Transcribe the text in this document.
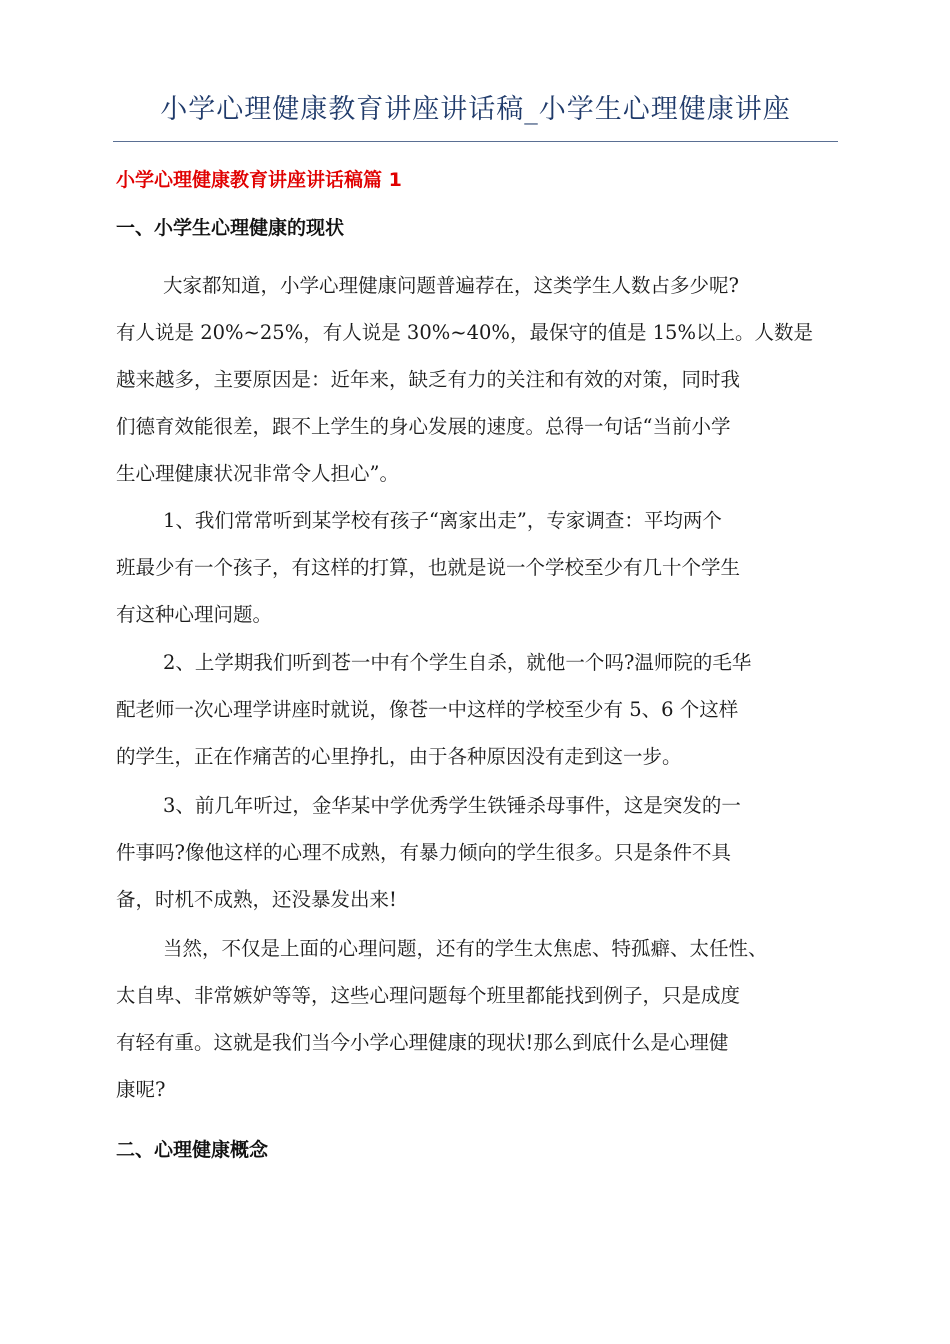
小学心理健康教育讲座讲话稿_小学生心理健康讲座
小学心理健康教育讲座讲话稿篇 1
一、小学生心理健康的现状
大家都知道，小学心理健康问题普遍荐在，这类学生人数占多少呢?
有人说是 20%~25%，有人说是 30%~40%，最保守的值是 15%以上。人数是
越来越多，主要原因是：近年来，缺乏有力的关注和有效的对策，同时我
们德育效能很差，跟不上学生的身心发展的速度。总得一句话“当前小学
生心理健康状况非常令人担心”。
1、我们常常听到某学校有孩子“离家出走”，专家调查：平均两个
班最少有一个孩子，有这样的打算，也就是说一个学校至少有几十个学生
有这种心理问题。
2、上学期我们听到苍一中有个学生自杀，就他一个吗?温师院的毛华
配老师一次心理学讲座时就说，像苍一中这样的学校至少有 5、6 个这样
的学生，正在作痛苦的心里挣扎，由于各种原因没有走到这一步。
3、前几年听过，金华某中学优秀学生铁锤杀母事件，这是突发的一
件事吗?像他这样的心理不成熟，有暴力倾向的学生很多。只是条件不具
备，时机不成熟，还没暴发出来!
当然，不仅是上面的心理问题，还有的学生太焦虑、特孤癖、太任性、
太自卑、非常嫉妒等等，这些心理问题每个班里都能找到例子，只是成度
有轻有重。这就是我们当今小学心理健康的现状!那么到底什么是心理健
康呢?
二、心理健康概念
